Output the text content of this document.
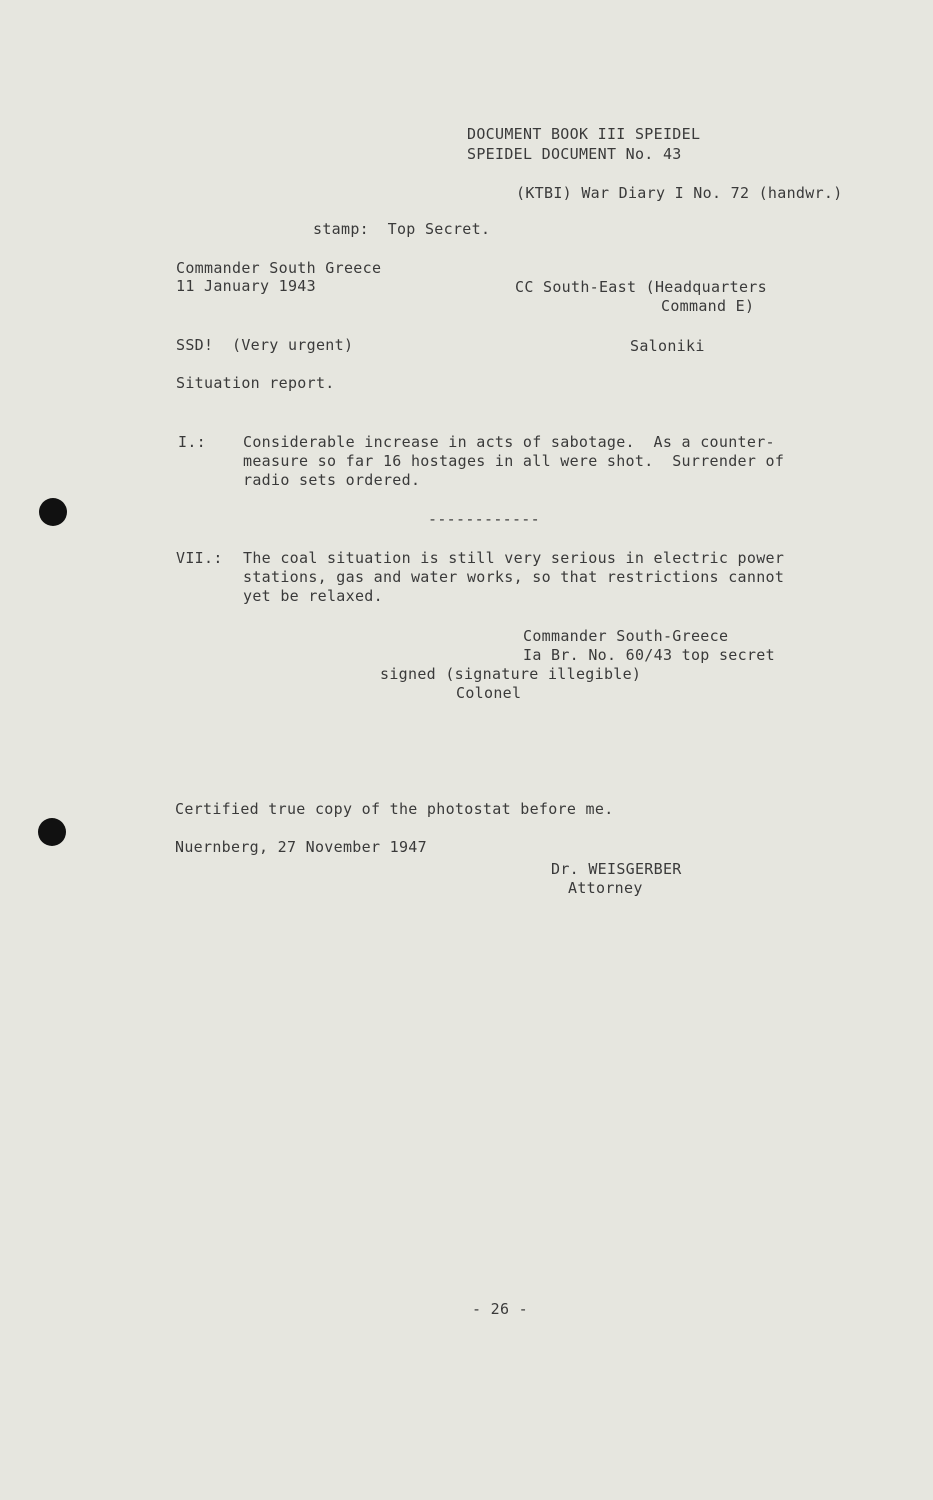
DOCUMENT BOOK III SPEIDEL
SPEIDEL DOCUMENT No. 43
(KTBI) War Diary I No. 72 (handwr.)
stamp:  Top Secret.
Commander South Greece
11 January 1943	CC South-East (Headquarters
Command E)
SSD!  (Very urgent)	Saloniki
Situation report.
I.: Considerable increase in acts of sabotage.  As a counter-
measure so far 16 hostages in all were shot.  Surrender of
radio sets ordered.
------------
VII.: The coal situation is still very serious in electric power
stations, gas and water works, so that restrictions cannot
yet be relaxed.
Commander South-Greece
Ia Br. No. 60/43 top secret
signed (signature illegible)
Colonel
Certified true copy of the photostat before me.
Nuernberg, 27 November 1947
Dr. WEISGERBER
Attorney
- 26 -
